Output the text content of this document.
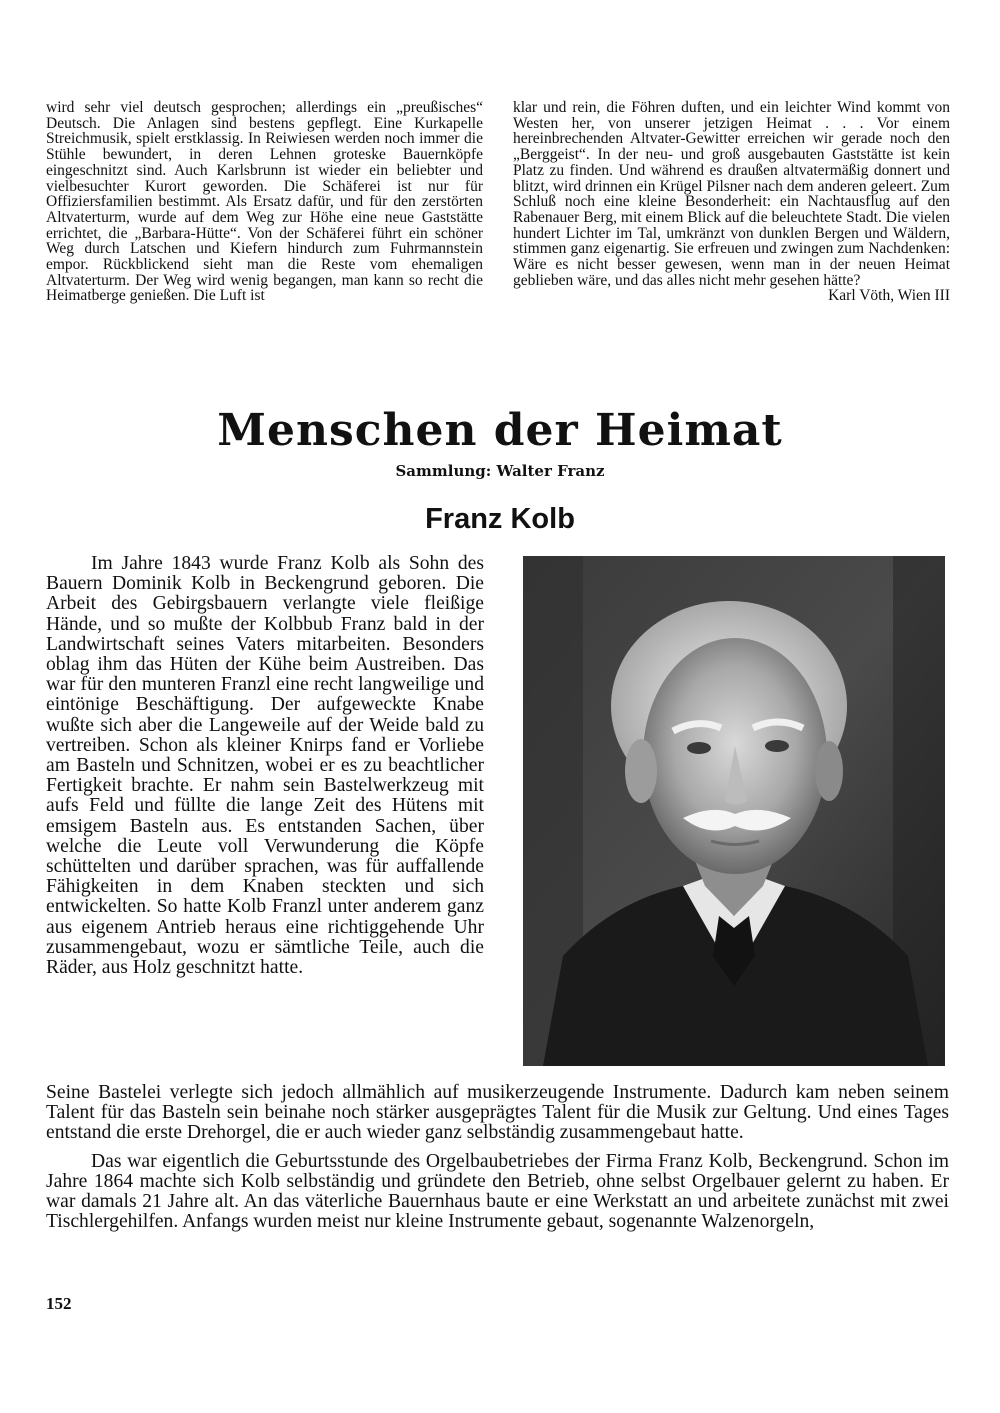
wird sehr viel deutsch gesprochen; allerdings ein „preußisches“ Deutsch. Die Anlagen sind bestens gepflegt. Eine Kurkapelle Streichmusik, spielt erstklassig. In Reiwiesen werden noch immer die Stühle bewundert, in deren Lehnen groteske Bauernköpfe eingeschnitzt sind. Auch Karlsbrunn ist wieder ein beliebter und vielbesuchter Kurort geworden. Die Schäferei ist nur für Offiziersfamilien bestimmt. Als Ersatz dafür, und für den zerstörten Altvaterturm, wurde auf dem Weg zur Höhe eine neue Gaststätte errichtet, die „Barbara-Hütte“. Von der Schäferei führt ein schöner Weg durch Latschen und Kiefern hindurch zum Fuhrmannstein empor. Rückblickend sieht man die Reste vom ehemaligen Altvaterturm. Der Weg wird wenig begangen, man kann so recht die Heimatberge genießen. Die Luft ist

klar und rein, die Föhren duften, und ein leichter Wind kommt von Westen her, von unserer jetzigen Heimat . . . Vor einem hereinbrechenden Altvater-Gewitter erreichen wir gerade noch den „Berggeist“. In der neu- und groß ausgebauten Gaststätte ist kein Platz zu finden. Und während es draußen altvatermäßig donnert und blitzt, wird drinnen ein Krügel Pilsner nach dem anderen geleert. Zum Schluß noch eine kleine Besonderheit: ein Nachtausflug auf den Rabenauer Berg, mit einem Blick auf die beleuchtete Stadt. Die vielen hundert Lichter im Tal, umkränzt von dunklen Bergen und Wäldern, stimmen ganz eigenartig. Sie erfreuen und zwingen zum Nachdenken: Wäre es nicht besser gewesen, wenn man in der neuen Heimat geblieben wäre, und das alles nicht mehr gesehen hätte?

Karl Vöth, Wien III

Menschen der Heimat
Sammlung: Walter Franz
Franz Kolb

Im Jahre 1843 wurde Franz Kolb als Sohn des Bauern Dominik Kolb in Beckengrund geboren. Die Arbeit des Gebirgsbauern verlangte viele fleißige Hände, und so mußte der Kolbbub Franz bald in der Landwirtschaft seines Vaters mitarbeiten. Besonders oblag ihm das Hüten der Kühe beim Austreiben. Das war für den munteren Franzl eine recht langweilige und eintönige Beschäftigung. Der aufgeweckte Knabe wußte sich aber die Langeweile auf der Weide bald zu vertreiben. Schon als kleiner Knirps fand er Vorliebe am Basteln und Schnitzen, wobei er es zu beachtlicher Fertigkeit brachte. Er nahm sein Bastelwerkzeug mit aufs Feld und füllte die lange Zeit des Hütens mit emsigem Basteln aus. Es entstanden Sachen, über welche die Leute voll Verwunderung die Köpfe schüttelten und darüber sprachen, was für auffallende Fähigkeiten in dem Knaben steckten und sich entwickelten. So hatte Kolb Franzl unter anderem ganz aus eigenem Antrieb heraus eine richtiggehende Uhr zusammengebaut, wozu er sämtliche Teile, auch die Räder, aus Holz geschnitzt hatte.

Seine Bastelei verlegte sich jedoch allmählich auf musikerzeugende Instrumente. Dadurch kam neben seinem Talent für das Basteln sein beinahe noch stärker ausgeprägtes Talent für die Musik zur Geltung. Und eines Tages entstand die erste Drehorgel, die er auch wieder ganz selbständig zusammengebaut hatte.

Das war eigentlich die Geburtsstunde des Orgelbaubetriebes der Firma Franz Kolb, Beckengrund. Schon im Jahre 1864 machte sich Kolb selbständig und gründete den Betrieb, ohne selbst Orgelbauer gelernt zu haben. Er war damals 21 Jahre alt. An das väterliche Bauernhaus baute er eine Werkstatt an und arbeitete zunächst mit zwei Tischlergehilfen. Anfangs wurden meist nur kleine Instrumente gebaut, sogenannte Walzenorgeln,

152
